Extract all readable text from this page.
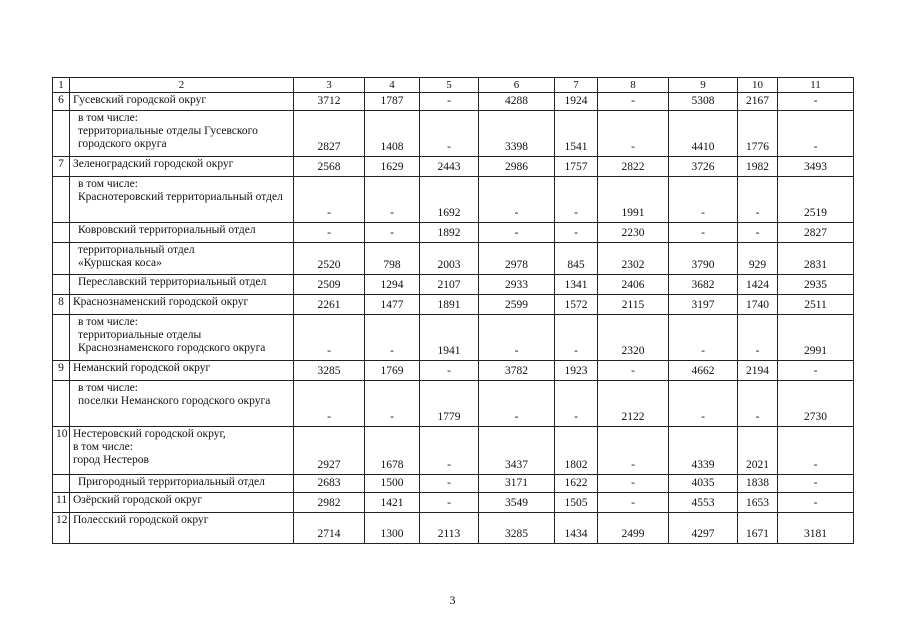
1	2	3	4	5	6	7	8	9	10	11
6	Гусевский городской округ	3712	1787	-	4288	1924	-	5308	2167	-
	в том числе:
территориальные отделы Гусевского городского округа	2827	1408	-	3398	1541	-	4410	1776	-
7	Зеленоградский городской округ	2568	1629	2443	2986	1757	2822	3726	1982	3493
	в том числе:
Краснотеровский территориальный отдел	-	-	1692	-	-	1991	-	-	2519
	Ковровский территориальный отдел	-	-	1892	-	-	2230	-	-	2827
	территориальный отдел
«Куршская коса»	2520	798	2003	2978	845	2302	3790	929	2831
	Переславский территориальный отдел	2509	1294	2107	2933	1341	2406	3682	1424	2935
8	Краснознаменский городской округ	2261	1477	1891	2599	1572	2115	3197	1740	2511
	в том числе:
территориальные отделы
Краснознаменского городского округа	-	-	1941	-	-	2320	-	-	2991
9	Неманский городской округ	3285	1769	-	3782	1923	-	4662	2194	-
	в том числе:
поселки Неманского городского округа	-	-	1779	-	-	2122	-	-	2730
10	Нестеровский городской округ,
в том числе:
город Нестеров	2927	1678	-	3437	1802	-	4339	2021	-
	Пригородный территориальный отдел	2683	1500	-	3171	1622	-	4035	1838	-
11	Озёрский городской округ	2982	1421	-	3549	1505	-	4553	1653	-
12	Полесский городской округ	2714	1300	2113	3285	1434	2499	4297	1671	3181
3
